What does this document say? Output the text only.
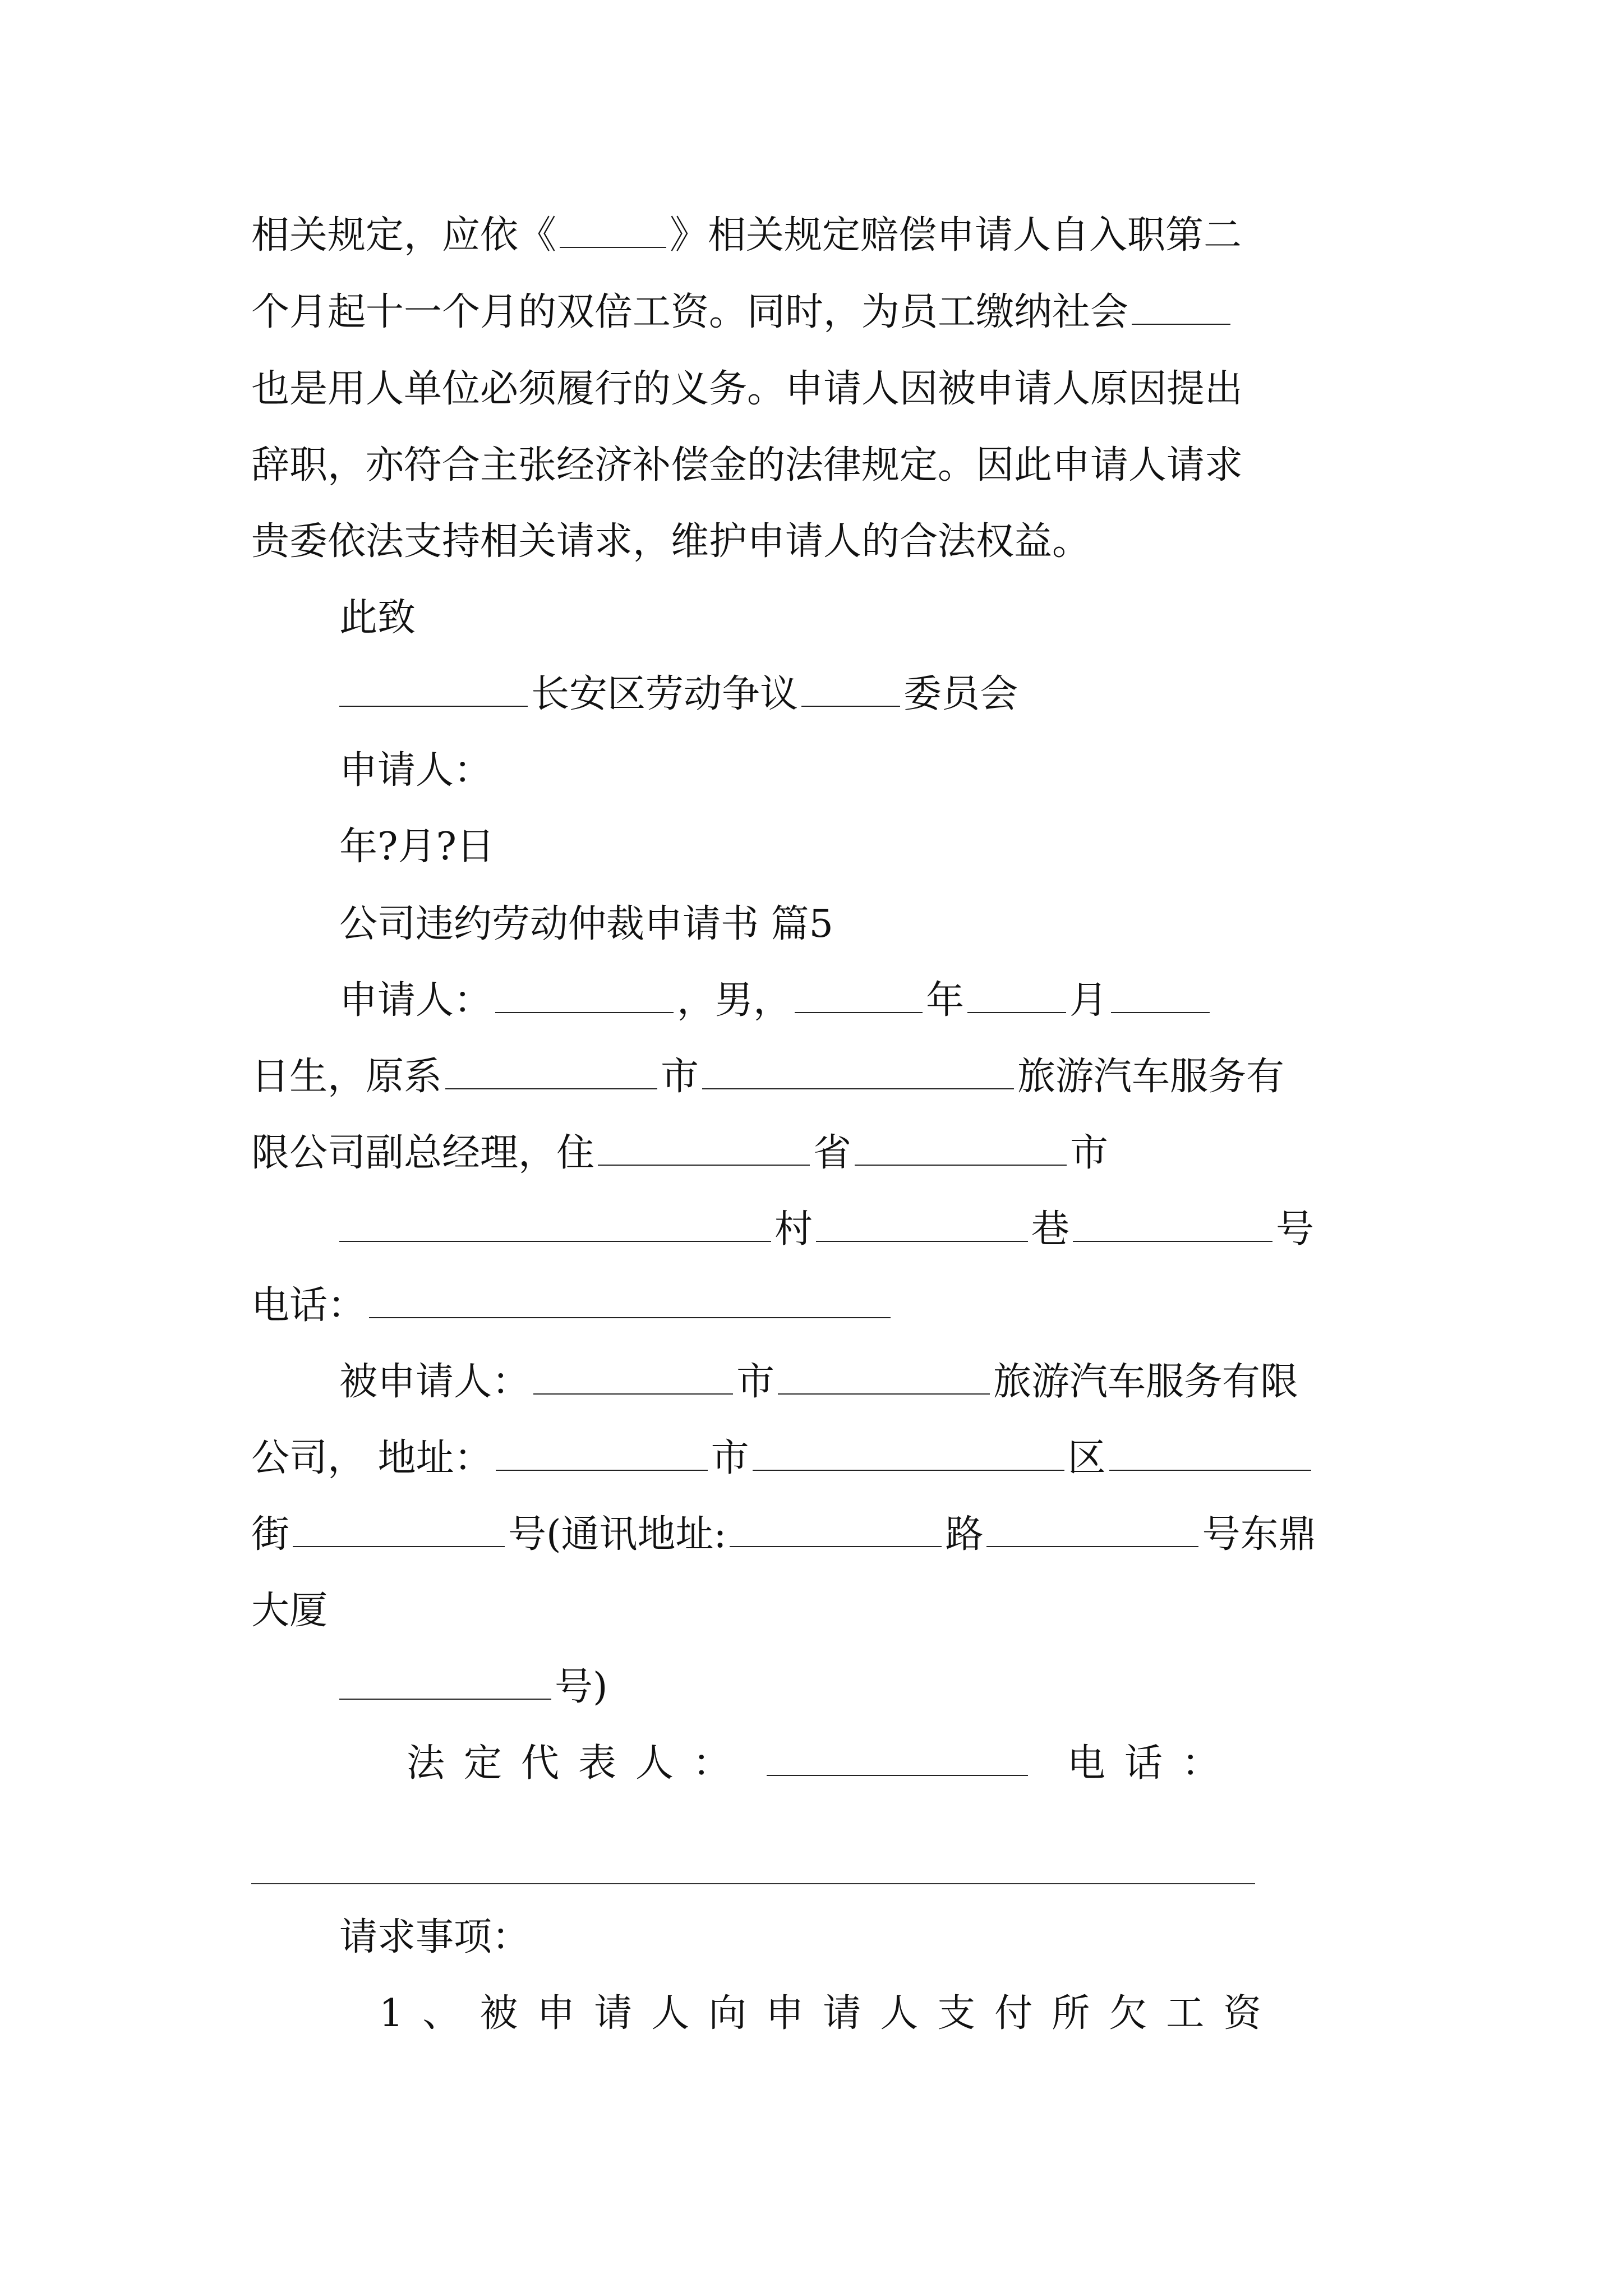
相关规定，应依《	》相关规定赔偿申请人自入职第二
个月起十一个月的双倍工资。同时，为员工缴纳社会
也是用人单位必须履行的义务。申请人因被申请人原因提出
辞职，亦符合主张经济补偿金的法律规定。因此申请人请求
贵委依法支持相关请求，维护申请人的合法权益。
此致
长安区劳动争议	委员会
申请人：
年?月?日
公司违约劳动仲裁申请书 篇5
申请人：	，男，	年	月
日生，原系	市	旅游汽车服务有
限公司副总经理，住	省	市
村	巷	号
电话：
被申请人：	市	旅游汽车服务有限
公司， 地址：	市	区
街	号(通讯地址:	路	号东鼎
大厦
号)
法定代表人：	电话：
请求事项：
1、被申请人向申请人支付所欠工资
